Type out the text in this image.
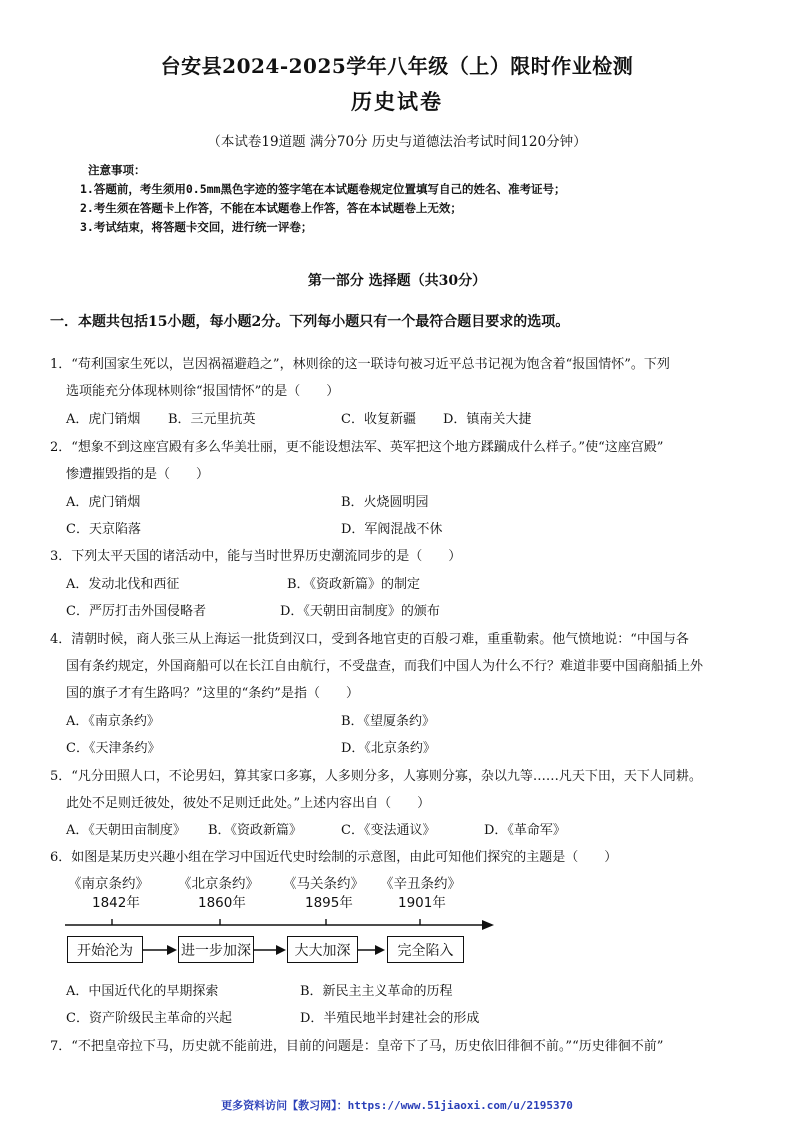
台安县2024-2025学年八年级（上）限时作业检测
历史试卷
（本试卷19道题 满分70分 历史与道德法治考试时间120分钟）
注意事项：
1.答题前，考生须用0.5mm黑色字迹的签字笔在本试题卷规定位置填写自己的姓名、准考证号；
2.考生须在答题卡上作答，不能在本试题卷上作答，答在本试题卷上无效；
3.考试结束，将答题卡交回，进行统一评卷；
第一部分 选择题（共30分）
一．本题共包括15小题，每小题2分。下列每小题只有一个最符合题目要求的选项。
1．“苟利国家生死以，岂因祸福避趋之”，林则徐的这一联诗句被习近平总书记视为饱含着“报国情怀”。下列
选项能充分体现林则徐“报国情怀”的是（　　）
A．虎门销烟 B．三元里抗英	C．收复新疆 D．镇南关大捷
2．“想象不到这座宫殿有多么华美壮丽，更不能设想法军、英军把这个地方蹂躏成什么样子。”使“这座宫殿”
惨遭摧毁指的是（　　）
A．虎门销烟	B．火烧圆明园
C．天京陷落	D．军阀混战不休
3．下列太平天国的诸活动中，能与当时世界历史潮流同步的是（　　）
A．发动北伐和西征	B．《资政新篇》的制定
C．严厉打击外国侵略者	D．《天朝田亩制度》的颁布
4．清朝时候，商人张三从上海运一批货到汉口，受到各地官吏的百般刁难，重重勒索。他气愤地说：“中国与各
国有条约规定，外国商船可以在长江自由航行，不受盘查，而我们中国人为什么不行？难道非要中国商船插上外
国的旗子才有生路吗？”这里的“条约”是指（　　）
A．《南京条约》	B．《望厦条约》
C．《天津条约》	D．《北京条约》
5．“凡分田照人口，不论男妇，算其家口多寡，人多则分多，人寡则分寡，杂以九等……凡天下田，天下人同耕。
此处不足则迁彼处，彼处不足则迁此处。”上述内容出自（　　）
A．《天朝田亩制度》 B．《资政新篇》	C．《变法通议》	D．《革命军》
6．如图是某历史兴趣小组在学习中国近代史时绘制的示意图，由此可知他们探究的主题是（　　）
《南京条约》 《北京条约》 《马关条约》 《辛丑条约》
1842年	1860年	1895年	1901年
开始沦为	进一步加深	大大加深	完全陷入
A．中国近代化的早期探索	B．新民主主义革命的历程
C．资产阶级民主革命的兴起	D．半殖民地半封建社会的形成
7．“不把皇帝拉下马，历史就不能前进，目前的问题是：皇帝下了马，历史依旧徘徊不前。”“历史徘徊不前”
更多资料访问【教习网】：https://www.51jiaoxi.com/u/2195370
